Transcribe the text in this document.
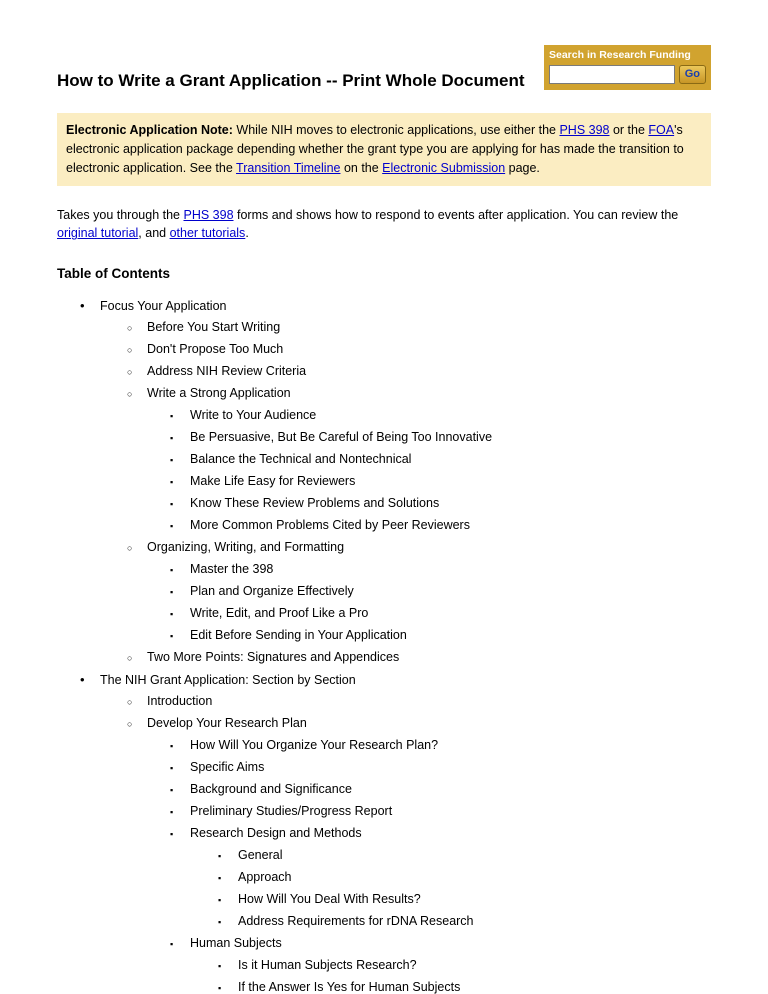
Search in Research Funding
Go
How to Write a Grant Application -- Print Whole Document
Electronic Application Note: While NIH moves to electronic applications, use either the PHS 398 or the FOA's electronic application package depending whether the grant type you are applying for has made the transition to electronic application. See the Transition Timeline on the Electronic Submission page.

Takes you through the PHS 398 forms and shows how to respond to events after application. You can review the original tutorial, and other tutorials.

Table of Contents
•	Focus Your Application
○	Before You Start Writing
○	Don't Propose Too Much
○	Address NIH Review Criteria
○	Write a Strong Application
▪	Write to Your Audience
▪	Be Persuasive, But Be Careful of Being Too Innovative
▪	Balance the Technical and Nontechnical
▪	Make Life Easy for Reviewers
▪	Know These Review Problems and Solutions
▪	More Common Problems Cited by Peer Reviewers
○	Organizing, Writing, and Formatting
▪	Master the 398
▪	Plan and Organize Effectively
▪	Write, Edit, and Proof Like a Pro
▪	Edit Before Sending in Your Application
○	Two More Points: Signatures and Appendices
•	The NIH Grant Application: Section by Section
○	Introduction
○	Develop Your Research Plan
▪	How Will You Organize Your Research Plan?
▪	Specific Aims
▪	Background and Significance
▪	Preliminary Studies/Progress Report
▪	Research Design and Methods
▪	General
▪	Approach
▪	How Will You Deal With Results?
▪	Address Requirements for rDNA Research
▪	Human Subjects
▪	Is it Human Subjects Research?
▪	If the Answer Is Yes for Human Subjects
